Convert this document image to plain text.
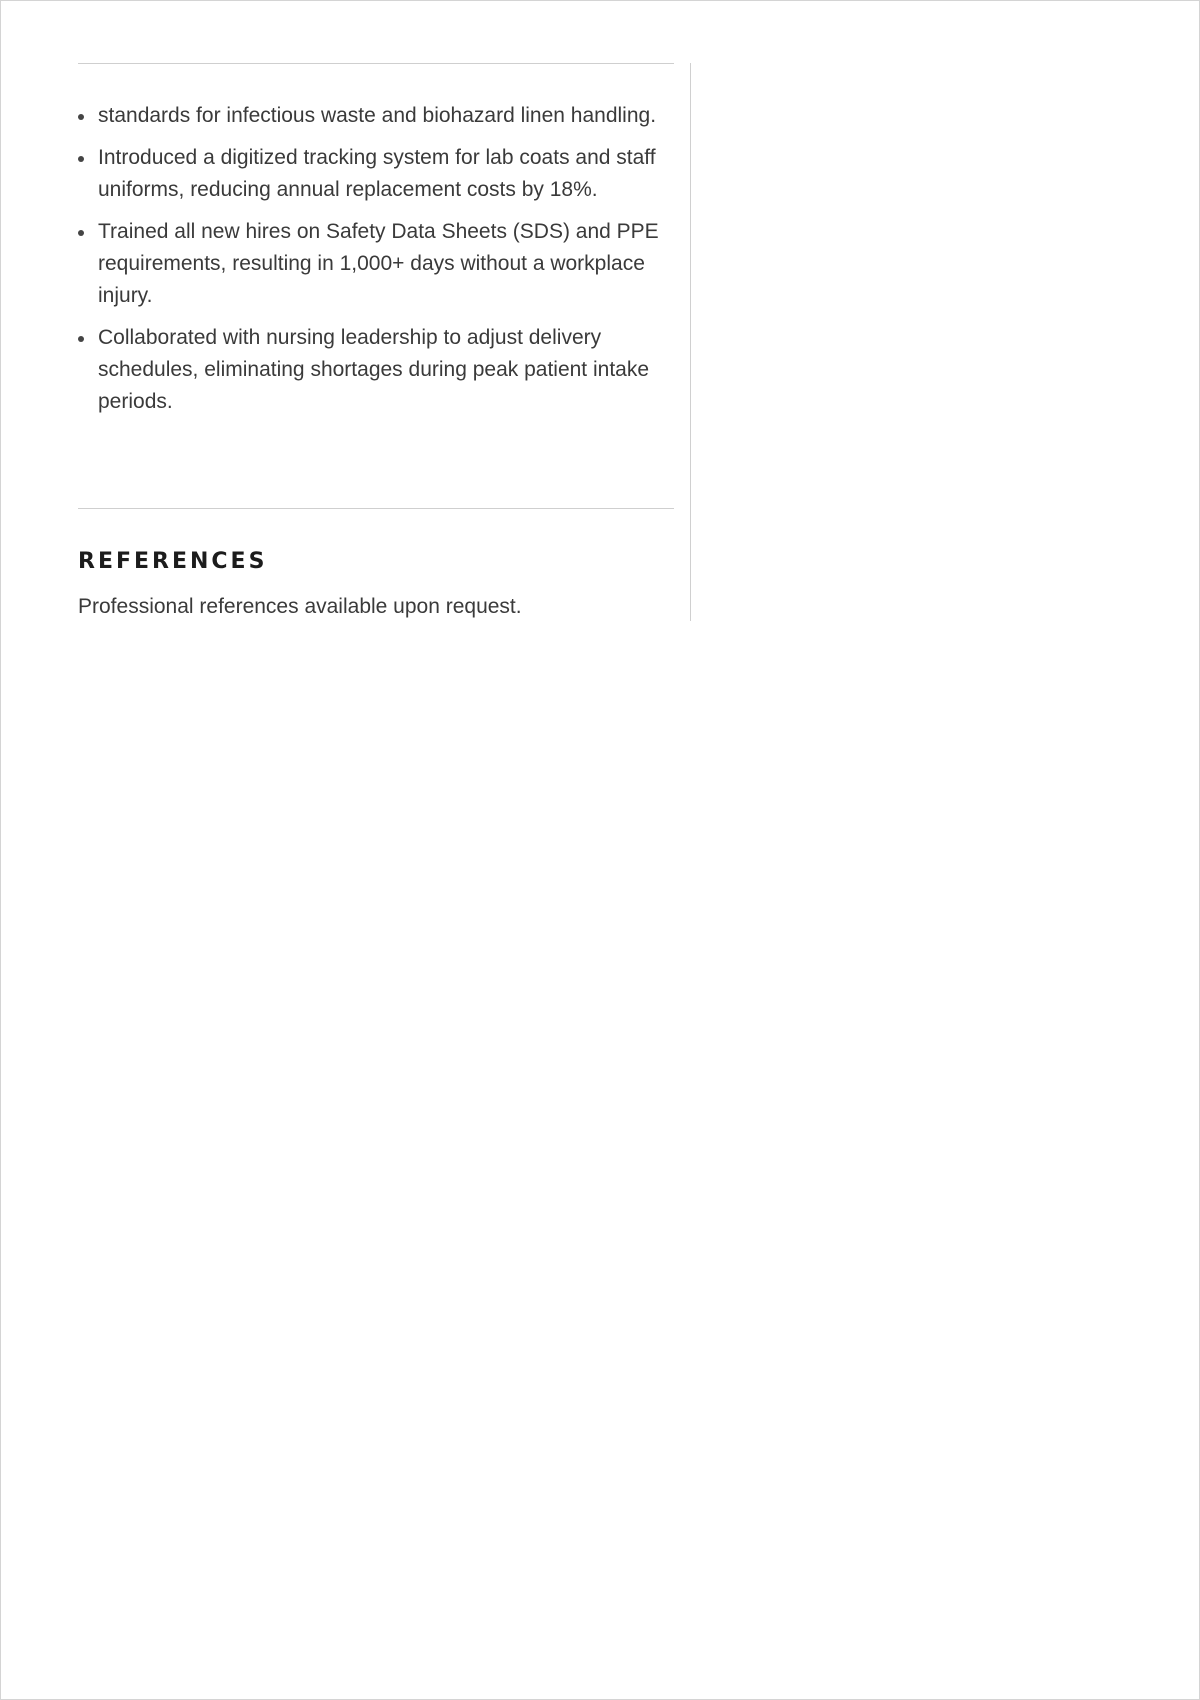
standards for infectious waste and biohazard linen handling.
Introduced a digitized tracking system for lab coats and staff uniforms, reducing annual replacement costs by 18%.
Trained all new hires on Safety Data Sheets (SDS) and PPE requirements, resulting in 1,000+ days without a workplace injury.
Collaborated with nursing leadership to adjust delivery schedules, eliminating shortages during peak patient intake periods.
REFERENCES
Professional references available upon request.
